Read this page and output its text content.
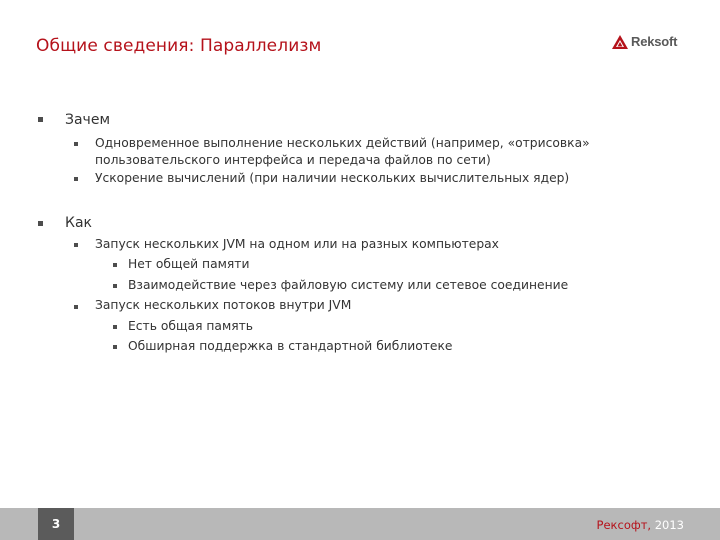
Общие сведения: Параллелизм	Reksoft
Зачем
Одновременное выполнение нескольких действий (например, «отрисовка» пользовательского интерфейса и передача файлов по сети)
Ускорение вычислений (при наличии нескольких вычислительных ядер)
Как
Запуск нескольких JVM на одном или на разных компьютерах
Нет общей памяти
Взаимодействие через файловую систему или сетевое соединение
Запуск нескольких потоков внутри JVM
Есть общая память
Обширная поддержка в стандартной библиотеке
3	Рексофт, 2013
